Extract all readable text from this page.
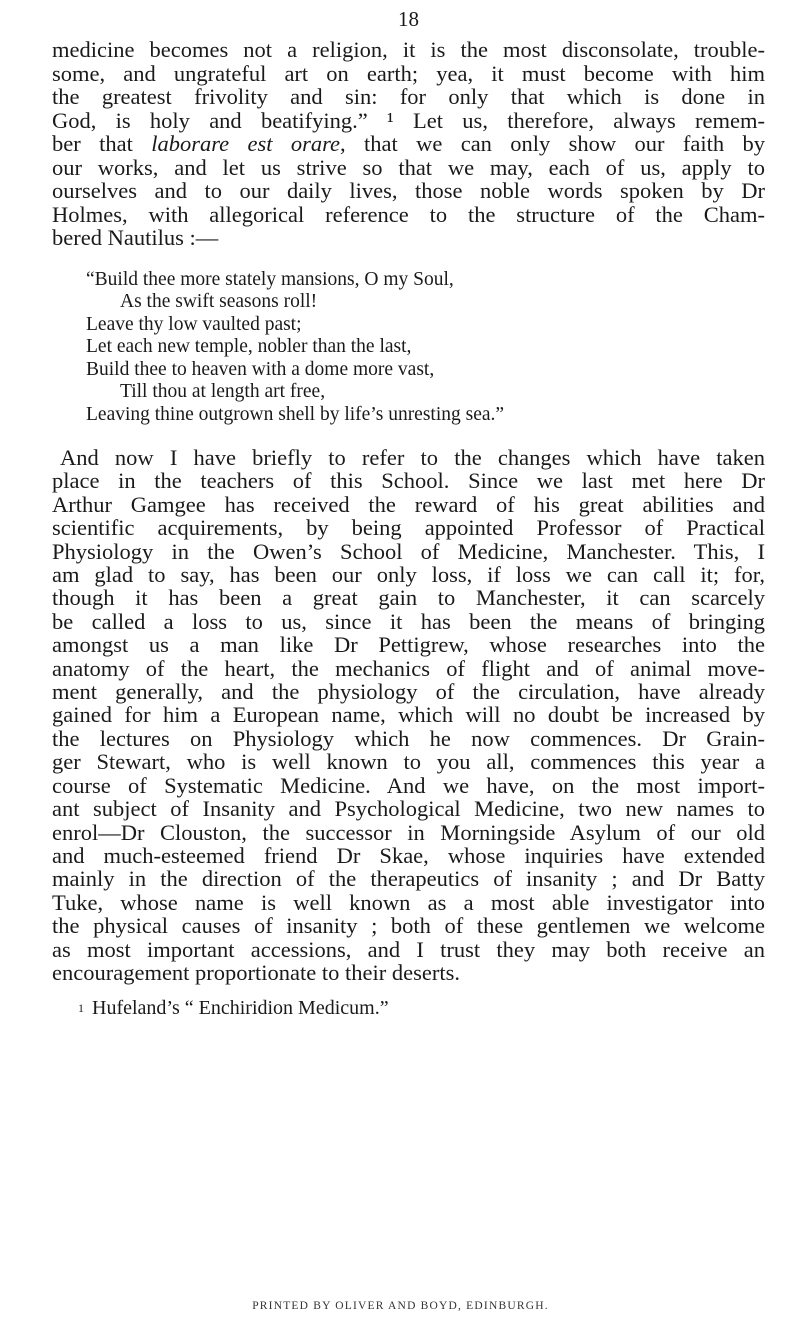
18
medicine becomes not a religion, it is the most disconsolate, trouble-
some, and ungrateful art on earth; yea, it must become with him
the greatest frivolity and sin: for only that which is done in
God, is holy and beatifying.” ¹ Let us, therefore, always remem-
ber that laborare est orare, that we can only show our faith by
our works, and let us strive so that we may, each of us, apply to
ourselves and to our daily lives, those noble words spoken by Dr
Holmes, with allegorical reference to the structure of the Cham-
bered Nautilus :—
“Build thee more stately mansions, O my Soul,
As the swift seasons roll!
Leave thy low vaulted past;
Let each new temple, nobler than the last,
Build thee to heaven with a dome more vast,
Till thou at length art free,
Leaving thine outgrown shell by life’s unresting sea.”
And now I have briefly to refer to the changes which have taken
place in the teachers of this School. Since we last met here Dr
Arthur Gamgee has received the reward of his great abilities and
scientific acquirements, by being appointed Professor of Practical
Physiology in the Owen’s School of Medicine, Manchester. This, I
am glad to say, has been our only loss, if loss we can call it; for,
though it has been a great gain to Manchester, it can scarcely
be called a loss to us, since it has been the means of bringing
amongst us a man like Dr Pettigrew, whose researches into the
anatomy of the heart, the mechanics of flight and of animal move-
ment generally, and the physiology of the circulation, have already
gained for him a European name, which will no doubt be increased by
the lectures on Physiology which he now commences. Dr Grain-
ger Stewart, who is well known to you all, commences this year a
course of Systematic Medicine. And we have, on the most import-
ant subject of Insanity and Psychological Medicine, two new names to
enrol—Dr Clouston, the successor in Morningside Asylum of our old
and much-esteemed friend Dr Skae, whose inquiries have extended
mainly in the direction of the therapeutics of insanity ; and Dr Batty
Tuke, whose name is well known as a most able investigator into
the physical causes of insanity ; both of these gentlemen we welcome
as most important accessions, and I trust they may both receive an
encouragement proportionate to their deserts.
$^1$ Hufeland’s “ Enchiridion Medicum.”
PRINTED BY OLIVER AND BOYD, EDINBURGH.
